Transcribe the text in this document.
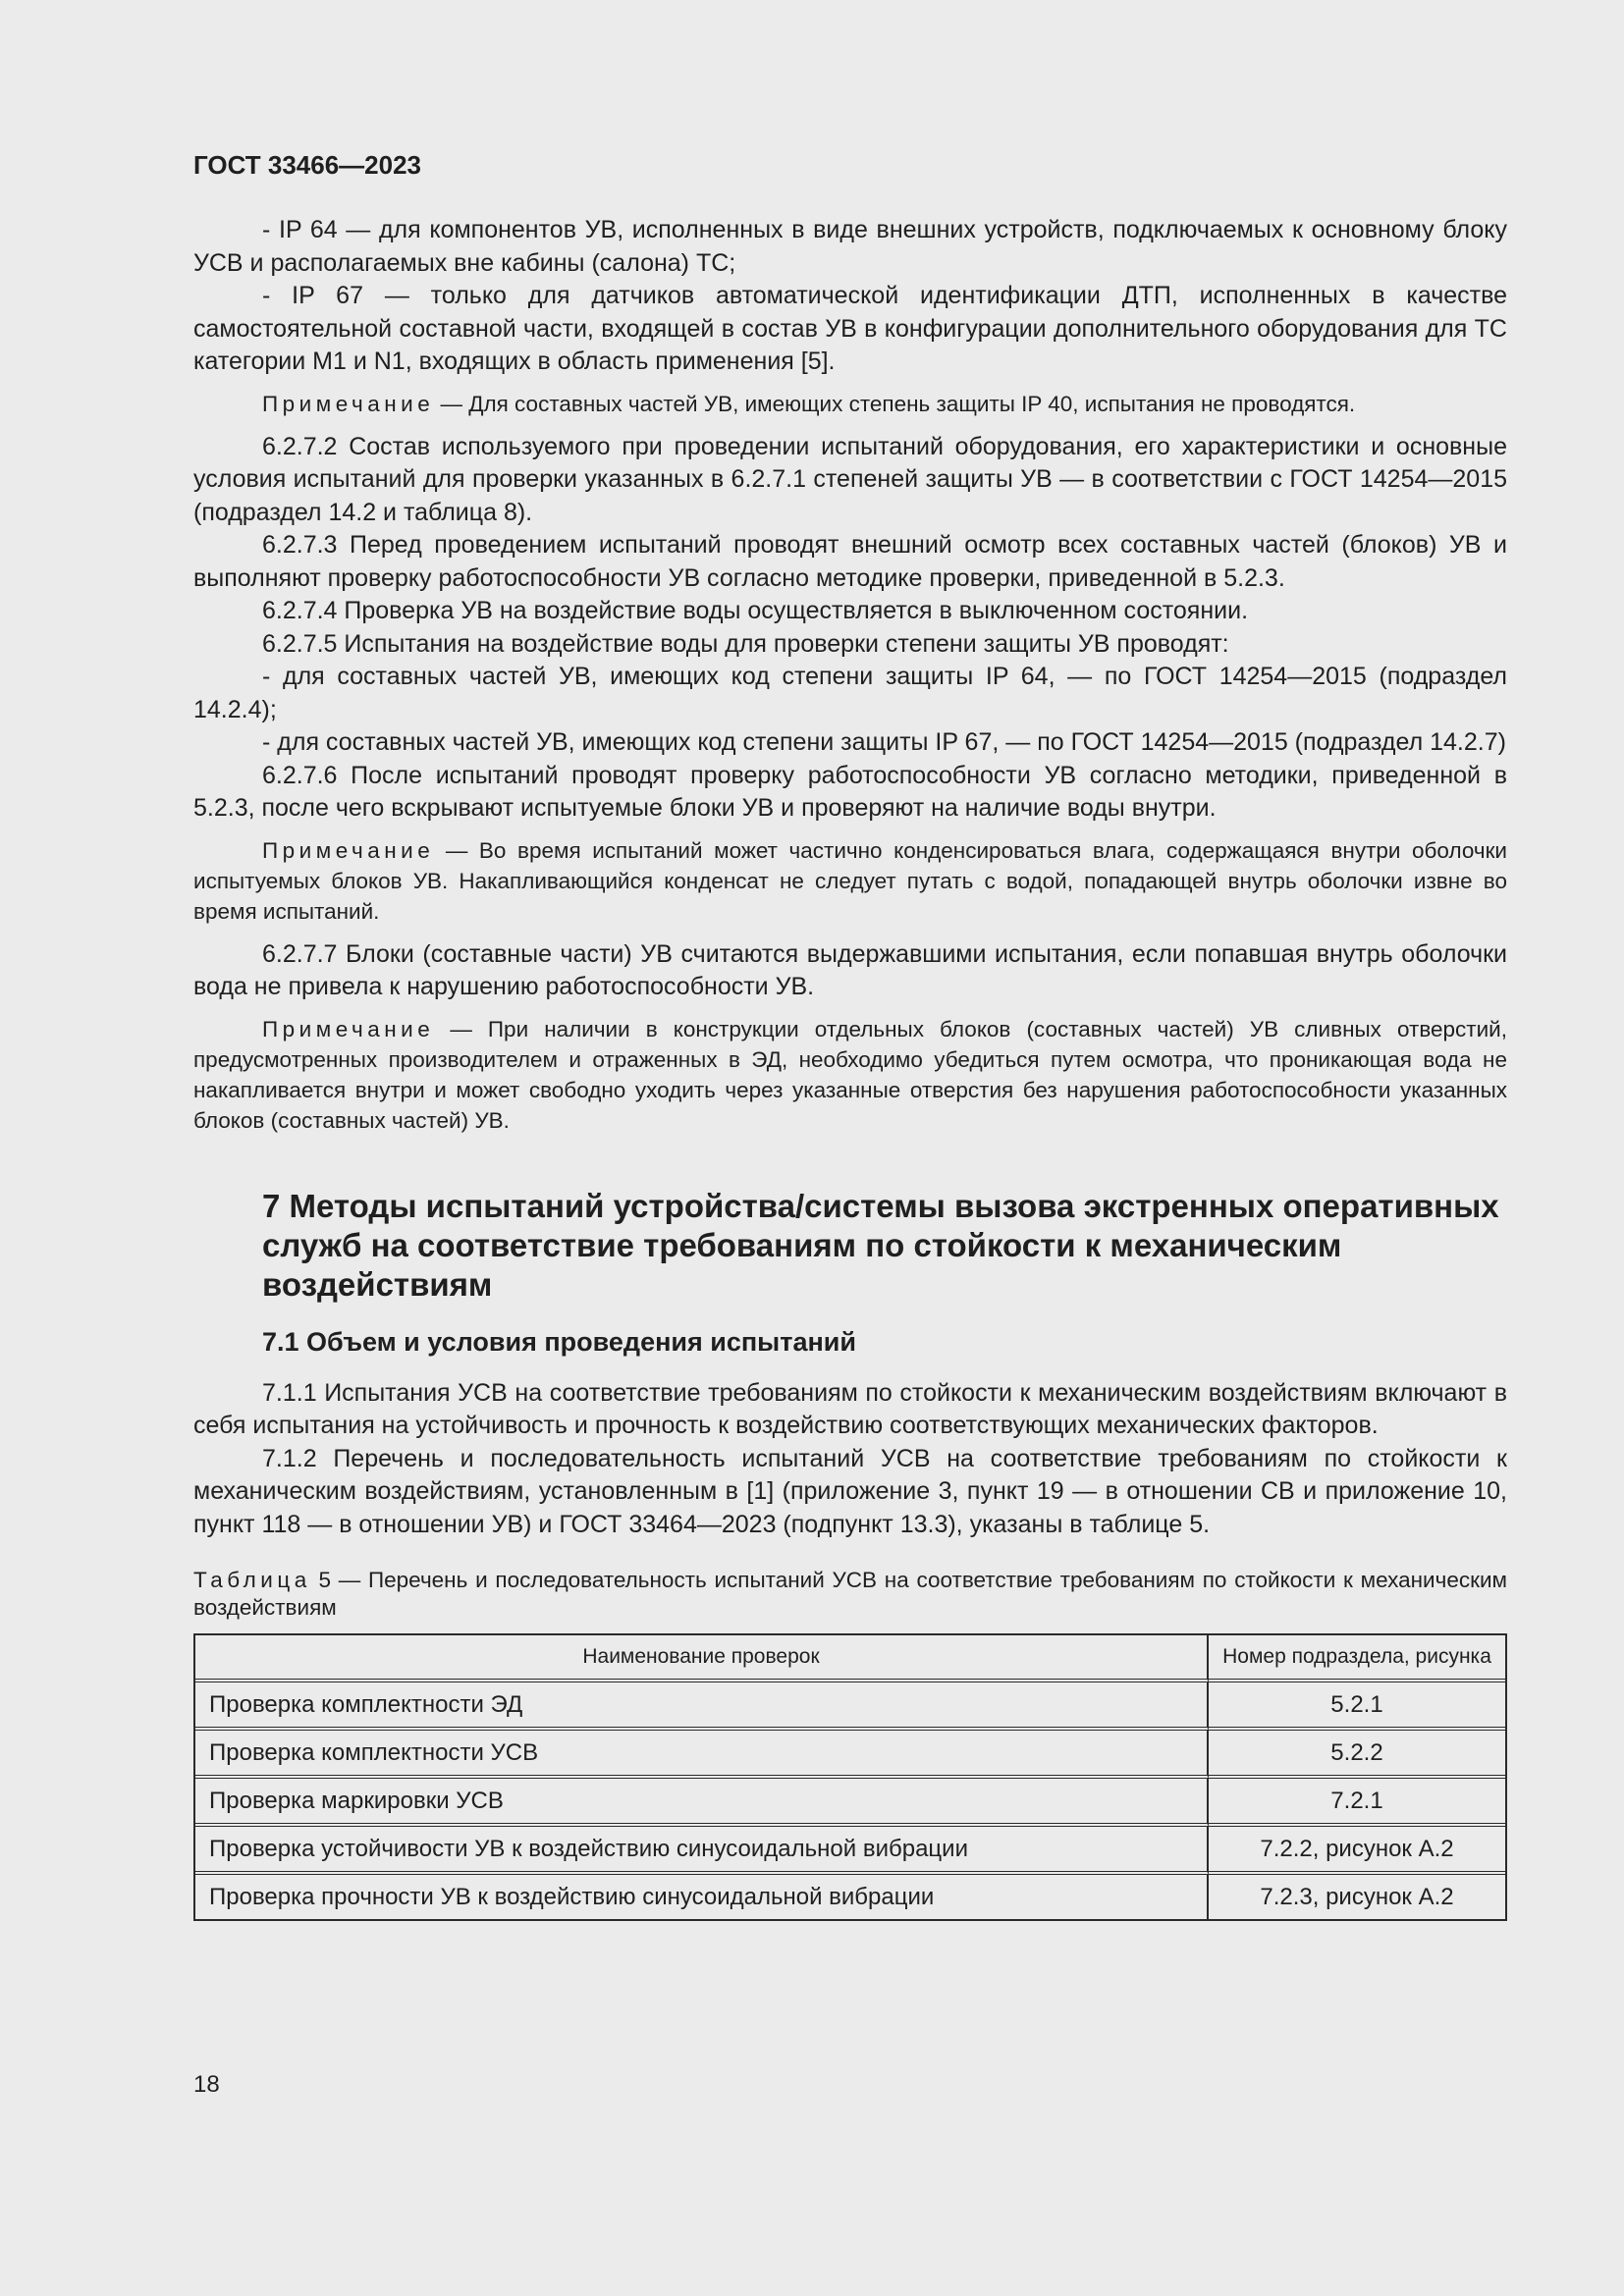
ГОСТ 33466—2023

- IP 64 — для компонентов УВ, исполненных в виде внешних устройств, подключаемых к основному блоку УСВ и располагаемых вне кабины (салона) ТС;

- IP 67 — только для датчиков автоматической идентификации ДТП, исполненных в качестве самостоятельной составной части, входящей в состав УВ в конфигурации дополнительного оборудования для ТС категории M1 и N1, входящих в область применения [5].

Примечание — Для составных частей УВ, имеющих степень защиты IP 40, испытания не проводятся.

6.2.7.2 Состав используемого при проведении испытаний оборудования, его характеристики и основные условия испытаний для проверки указанных в 6.2.7.1 степеней защиты УВ — в соответствии с ГОСТ 14254—2015 (подраздел 14.2 и таблица 8).

6.2.7.3 Перед проведением испытаний проводят внешний осмотр всех составных частей (блоков) УВ и выполняют проверку работоспособности УВ согласно методике проверки, приведенной в 5.2.3.

6.2.7.4 Проверка УВ на воздействие воды осуществляется в выключенном состоянии.

6.2.7.5 Испытания на воздействие воды для проверки степени защиты УВ проводят:

- для составных частей УВ, имеющих код степени защиты IP 64, — по ГОСТ 14254—2015 (подраздел 14.2.4);

- для составных частей УВ, имеющих код степени защиты IP 67, — по ГОСТ 14254—2015 (подраздел 14.2.7)

6.2.7.6 После испытаний проводят проверку работоспособности УВ согласно методики, приведенной в 5.2.3, после чего вскрывают испытуемые блоки УВ и проверяют на наличие воды внутри.

Примечание — Во время испытаний может частично конденсироваться влага, содержащаяся внутри оболочки испытуемых блоков УВ. Накапливающийся конденсат не следует путать с водой, попадающей внутрь оболочки извне во время испытаний.

6.2.7.7 Блоки (составные части) УВ считаются выдержавшими испытания, если попавшая внутрь оболочки вода не привела к нарушению работоспособности УВ.

Примечание — При наличии в конструкции отдельных блоков (составных частей) УВ сливных отверстий, предусмотренных производителем и отраженных в ЭД, необходимо убедиться путем осмотра, что проникающая вода не накапливается внутри и может свободно уходить через указанные отверстия без нарушения работоспособности указанных блоков (составных частей) УВ.

7 Методы испытаний устройства/системы вызова экстренных оперативных служб на соответствие требованиям по стойкости к механическим воздействиям
7.1 Объем и условия проведения испытаний

7.1.1 Испытания УСВ на соответствие требованиям по стойкости к механическим воздействиям включают в себя испытания на устойчивость и прочность к воздействию соответствующих механических факторов.

7.1.2 Перечень и последовательность испытаний УСВ на соответствие требованиям по стойкости к механическим воздействиям, установленным в [1] (приложение 3, пункт 19 — в отношении СВ и приложение 10, пункт 118 — в отношении УВ) и ГОСТ 33464—2023 (подпункт 13.3), указаны в таблице 5.

Таблица 5 — Перечень и последовательность испытаний УСВ на соответствие требованиям по стойкости к механическим воздействиям

Наименование проверок	Номер подраздела, рисунка
Проверка комплектности ЭД	5.2.1
Проверка комплектности УСВ	5.2.2
Проверка маркировки УСВ	7.2.1
Проверка устойчивости УВ к воздействию синусоидальной вибрации	7.2.2, рисунок А.2
Проверка прочности УВ к воздействию синусоидальной вибрации	7.2.3, рисунок А.2
18
